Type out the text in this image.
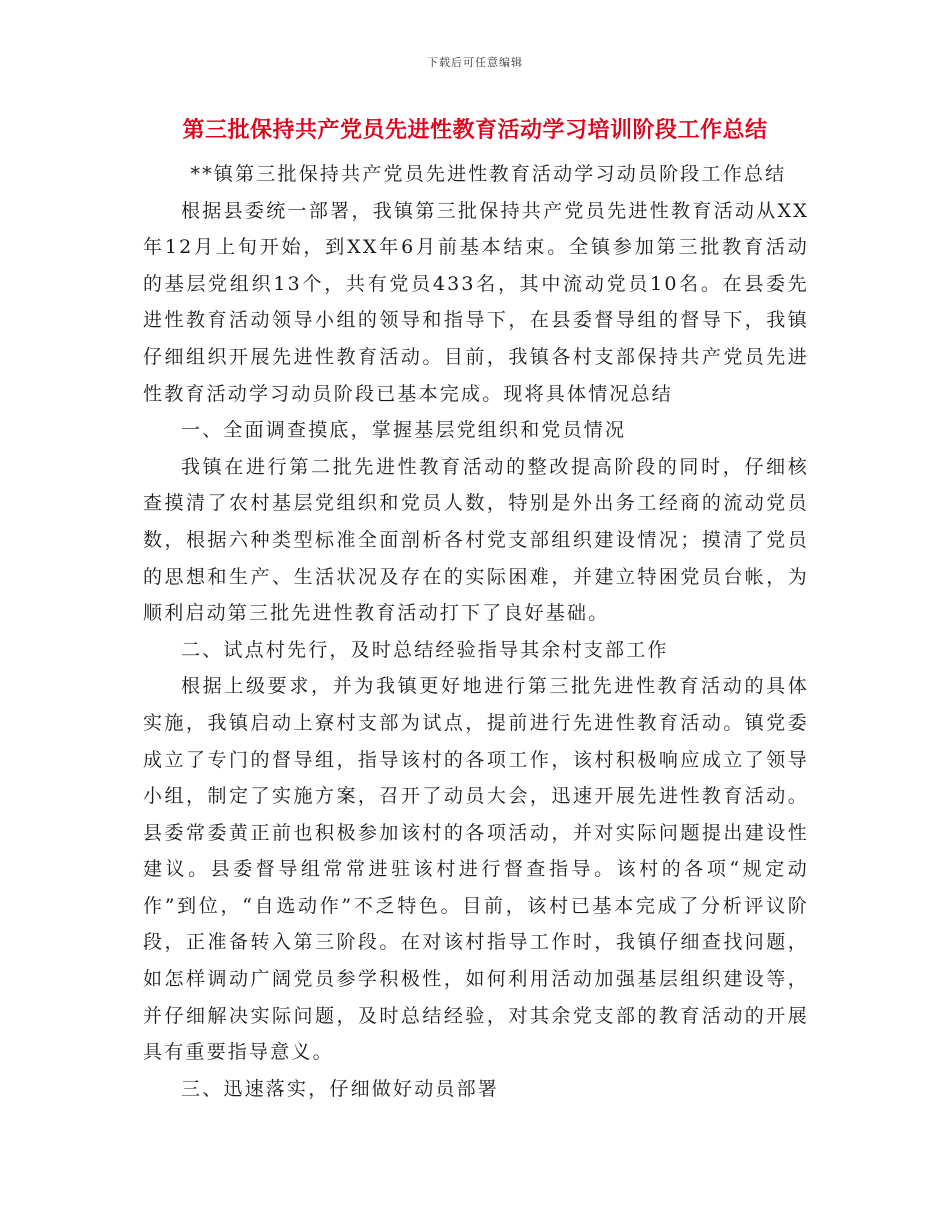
下载后可任意编辑
第三批保持共产党员先进性教育活动学习培训阶段工作总结

**镇第三批保持共产党员先进性教育活动学习动员阶段工作总结

根据县委统一部署，我镇第三批保持共产党员先进性教育活动从XX年12月上旬开始，到XX年6月前基本结束。全镇参加第三批教育活动的基层党组织13个，共有党员433名，其中流动党员10名。在县委先进性教育活动领导小组的领导和指导下，在县委督导组的督导下，我镇仔细组织开展先进性教育活动。目前，我镇各村支部保持共产党员先进性教育活动学习动员阶段已基本完成。现将具体情况总结

一、全面调查摸底，掌握基层党组织和党员情况

我镇在进行第二批先进性教育活动的整改提高阶段的同时，仔细核查摸清了农村基层党组织和党员人数，特别是外出务工经商的流动党员数，根据六种类型标准全面剖析各村党支部组织建设情况；摸清了党员的思想和生产、生活状况及存在的实际困难，并建立特困党员台帐，为顺利启动第三批先进性教育活动打下了良好基础。

二、试点村先行，及时总结经验指导其余村支部工作

根据上级要求，并为我镇更好地进行第三批先进性教育活动的具体实施，我镇启动上寮村支部为试点，提前进行先进性教育活动。镇党委成立了专门的督导组，指导该村的各项工作，该村积极响应成立了领导小组，制定了实施方案，召开了动员大会，迅速开展先进性教育活动。县委常委黄正前也积极参加该村的各项活动，并对实际问题提出建设性建议。县委督导组常常进驻该村进行督查指导。该村的各项“规定动作”到位，“自选动作”不乏特色。目前，该村已基本完成了分析评议阶段，正准备转入第三阶段。在对该村指导工作时，我镇仔细查找问题，如怎样调动广阔党员参学积极性，如何利用活动加强基层组织建设等，并仔细解决实际问题，及时总结经验，对其余党支部的教育活动的开展具有重要指导意义。

三、迅速落实，仔细做好动员部署
